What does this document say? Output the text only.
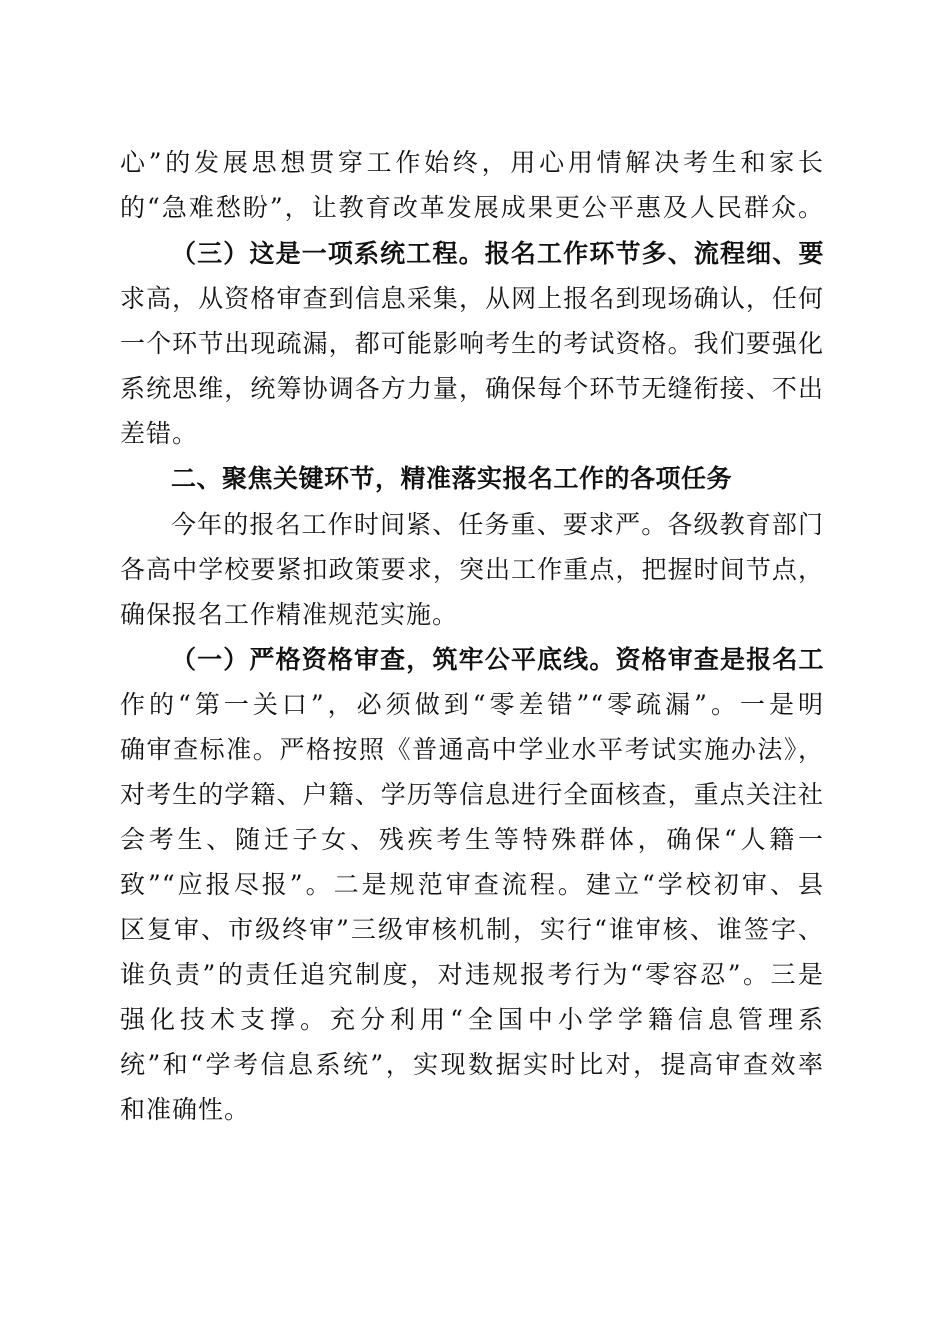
心”的发展思想贯穿工作始终，用心用情解决考生和家长
的“急难愁盼”，让教育改革发展成果更公平惠及人民群众。
（三）这是一项系统工程。报名工作环节多、流程细、要
求高，从资格审查到信息采集，从网上报名到现场确认，任何
一个环节出现疏漏，都可能影响考生的考试资格。我们要强化
系统思维，统筹协调各方力量，确保每个环节无缝衔接、不出
差错。
二、聚焦关键环节，精准落实报名工作的各项任务
今年的报名工作时间紧、任务重、要求严。各级教育部门
各高中学校要紧扣政策要求，突出工作重点，把握时间节点，
确保报名工作精准规范实施。
（一）严格资格审查，筑牢公平底线。资格审查是报名工
作的“第一关口”，必须做到“零差错”“零疏漏”。一是明
确审查标准。严格按照《普通高中学业水平考试实施办法》，
对考生的学籍、户籍、学历等信息进行全面核查，重点关注社
会考生、随迁子女、残疾考生等特殊群体，确保“人籍一
致”“应报尽报”。二是规范审查流程。建立“学校初审、县
区复审、市级终审”三级审核机制，实行“谁审核、谁签字、
谁负责”的责任追究制度，对违规报考行为“零容忍”。三是
强化技术支撑。充分利用“全国中小学学籍信息管理系
统”和“学考信息系统”，实现数据实时比对，提高审查效率
和准确性。
